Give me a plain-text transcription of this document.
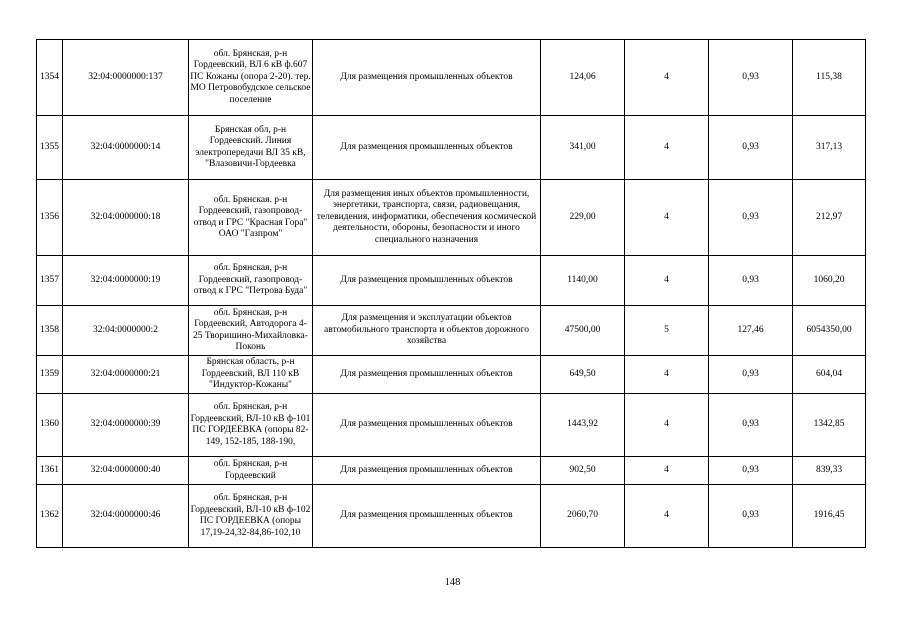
1354	32:04:0000000:137	обл. Брянская, р-н Гордеевский, ВЛ 6 кВ ф.607 ПС Кожаны (опора 2-20). тер. МО Петровобудское сельское поселение	Для размещения промышленных объектов	124,06	4	0,93	115,38
1355	32:04:0000000:14	Брянская обл, р-н Гордеевский. Линия электропередачи ВЛ 35 кВ, "Влазовичи-Гордеевка	Для размещения промышленных объектов	341,00	4	0,93	317,13
1356	32:04:0000000:18	обл. Брянская. р-н Гордеевский, газопровод-отвод и ГРС "Красная Гора" ОАО "Газпром"	Для размещения иных объектов промышленности, энергетики, транспорта, связи, радиовещания, телевидения, информатики, обеспечения космической деятельности, обороны, безопасности и иного специального назначения	229,00	4	0,93	212,97
1357	32:04:0000000:19	обл. Брянская, р-н Гордеевский, газопровод-отвод к ГРС "Петрова Буда"	Для размещения промышленных объектов	1140,00	4	0,93	1060,20
1358	32:04:0000000:2	обл. Брянская, р-н Гордеевский, Автодорога 4-25 Творишино-Михайловка-Поконь	Для размещения и эксплуатации объектов автомобильного транспорта и объектов дорожного хозяйства	47500,00	5	127,46	6054350,00
1359	32:04:0000000:21	Брянская область, р-н Гордеевский, ВЛ 110 кВ "Индуктор-Кожаны"	Для размещения промышленных объектов	649,50	4	0,93	604,04
1360	32:04:0000000:39	обл. Брянская, р-н Гордеевский, ВЛ-10 кВ ф-101 ПС ГОРДЕЕВКА (опоры 82-149, 152-185, 188-190,	Для размещения промышленных объектов	1443,92	4	0,93	1342,85
1361	32:04:0000000:40	обл. Брянская, р-н Гордеевский	Для размещения промышленных объектов	902,50	4	0,93	839,33
1362	32:04:0000000:46	обл. Брянская, р-н Гордеевский, ВЛ-10 кВ ф-102 ПС ГОРДЕЕВКА (опоры 17,19-24,32-84,86-102,10	Для размещения промышленных объектов	2060,70	4	0,93	1916,45
148
